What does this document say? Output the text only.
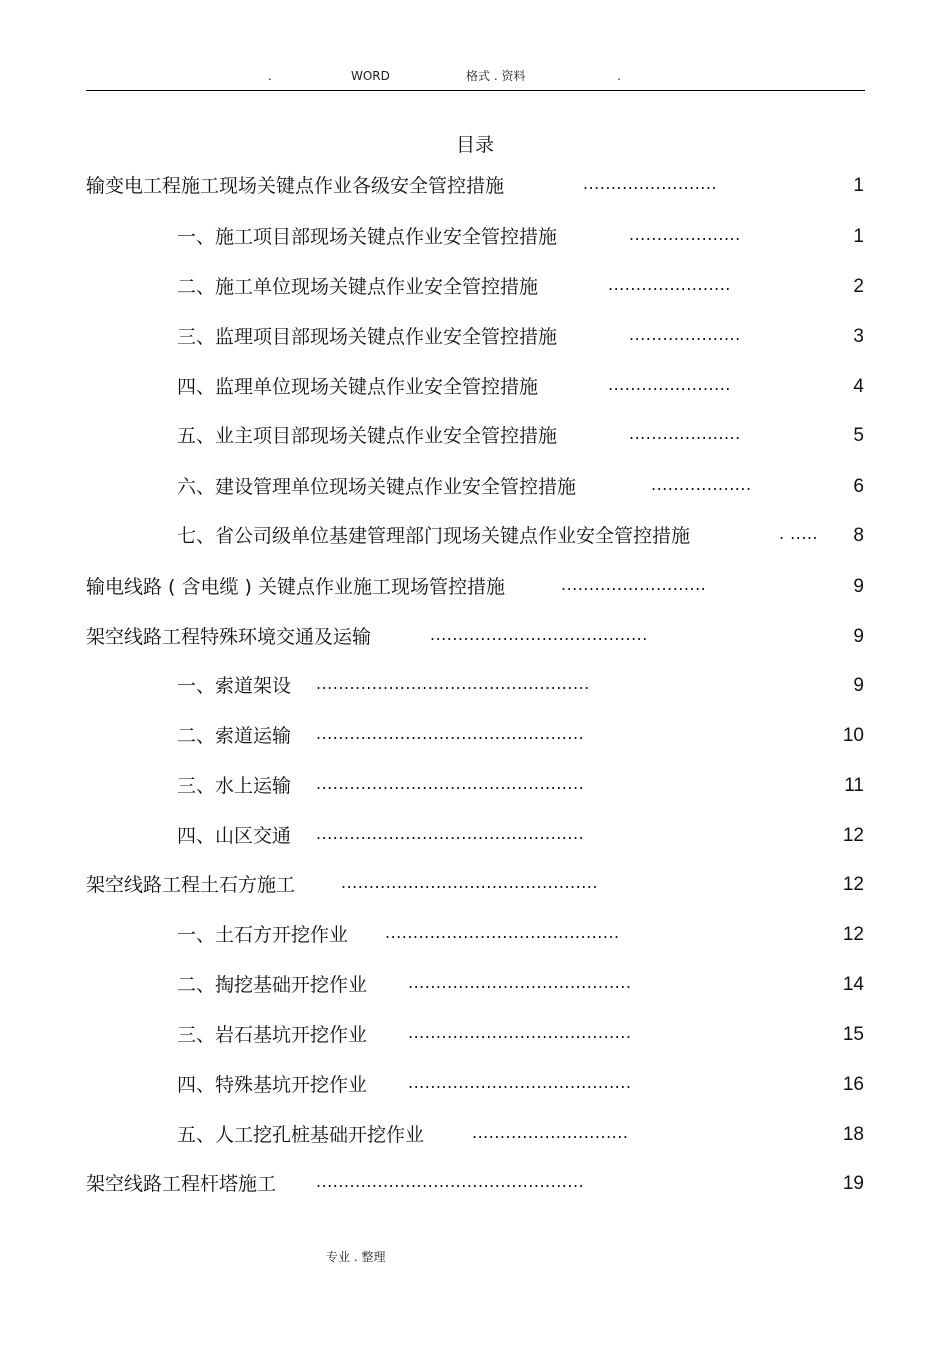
.	WORD	格式 . 资料	.
目录
输变电工程施工现场关键点作业各级安全管控措施	........................	1
一、施工项目部现场关键点作业安全管控措施	....................	1
二、施工单位现场关键点作业安全管控措施	......................	2
三、监理项目部现场关键点作业安全管控措施	....................	3
四、监理单位现场关键点作业安全管控措施	......................	4
五、业主项目部现场关键点作业安全管控措施	....................	5
六、建设管理单位现场关键点作业安全管控措施	..................	6
七、省公司级单位基建管理部门现场关键点作业安全管控措施	. ..... 8
输电线路 ( 含电缆 ) 关键点作业施工现场管控措施	..........................	9
架空线路工程特殊环境交通及运输	.......................................	9
一、索道架设 .................................................	9
二、索道运输 ................................................	10
三、水上运输 ................................................	11
四、山区交通 ................................................	12
架空线路工程土石方施工	..............................................	12
一、土石方开挖作业 ..........................................	12
二、掏挖基础开挖作业	........................................	14
三、岩石基坑开挖作业	........................................	15
四、特殊基坑开挖作业	........................................	16
五、人工挖孔桩基础开挖作业	............................	18
架空线路工程杆塔施工 ................................................	19
专业 . 整理
